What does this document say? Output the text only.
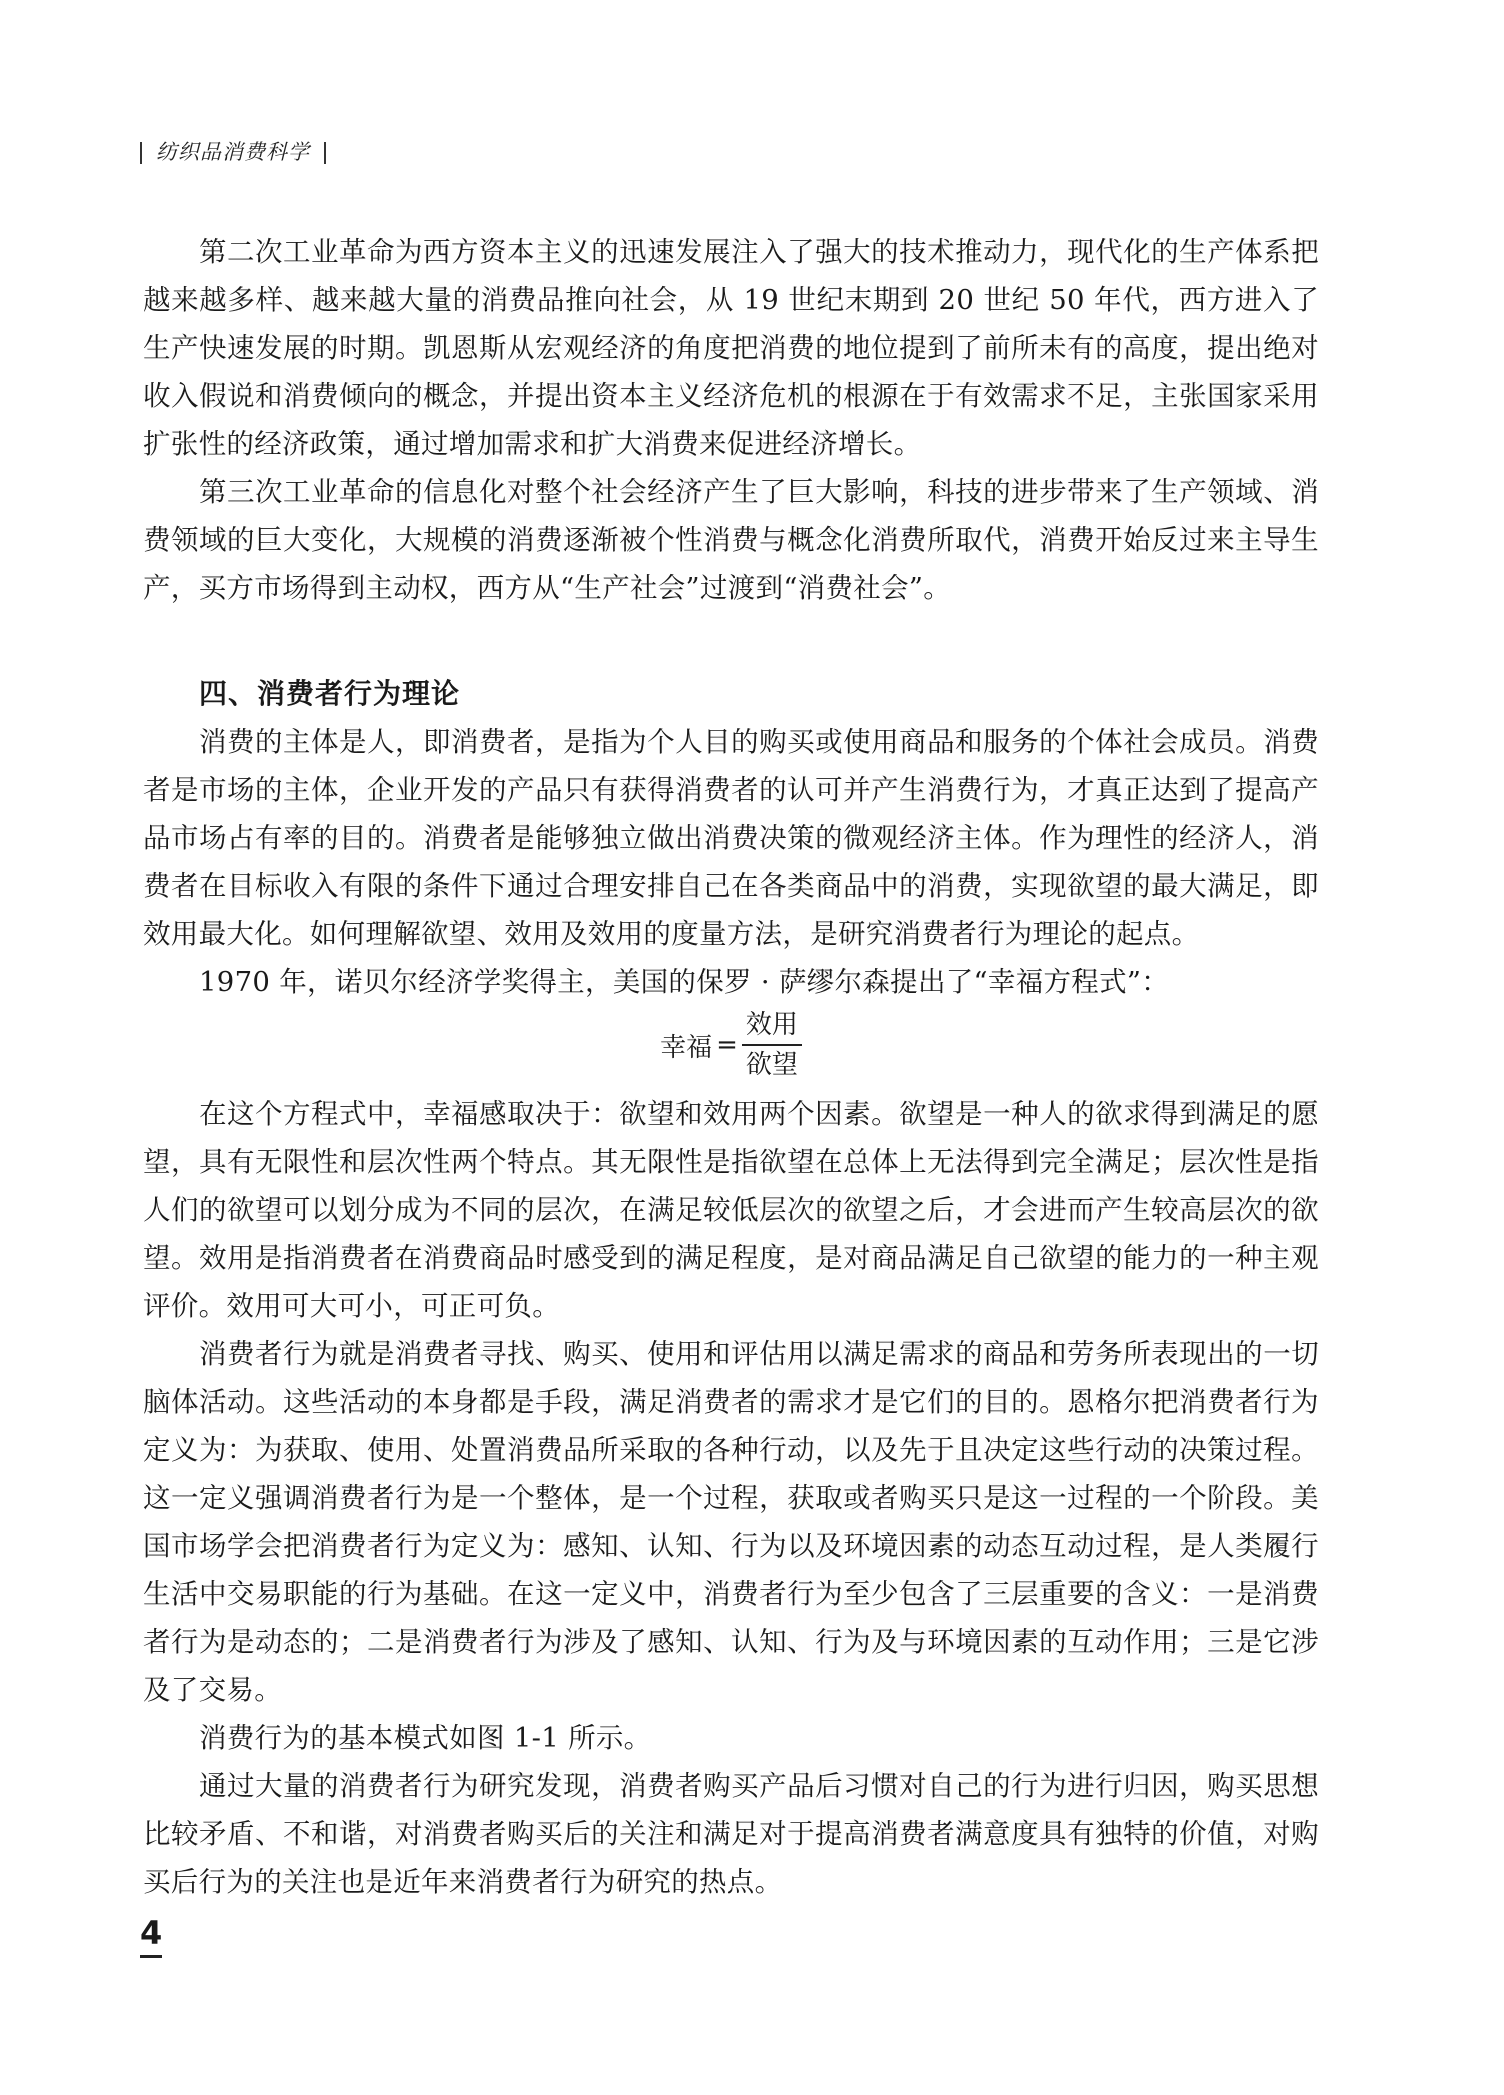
纺织品消费科学

第二次工业革命为西方资本主义的迅速发展注入了强大的技术推动力，现代化的生产体系把越来越多样、越来越大量的消费品推向社会，从 19 世纪末期到 20 世纪 50 年代，西方进入了生产快速发展的时期。凯恩斯从宏观经济的角度把消费的地位提到了前所未有的高度，提出绝对收入假说和消费倾向的概念，并提出资本主义经济危机的根源在于有效需求不足，主张国家采用扩张性的经济政策，通过增加需求和扩大消费来促进经济增长。

第三次工业革命的信息化对整个社会经济产生了巨大影响，科技的进步带来了生产领域、消费领域的巨大变化，大规模的消费逐渐被个性消费与概念化消费所取代，消费开始反过来主导生产，买方市场得到主动权，西方从“生产社会”过渡到“消费社会”。

四、消费者行为理论

消费的主体是人，即消费者，是指为个人目的购买或使用商品和服务的个体社会成员。消费者是市场的主体，企业开发的产品只有获得消费者的认可并产生消费行为，才真正达到了提高产品市场占有率的目的。消费者是能够独立做出消费决策的微观经济主体。作为理性的经济人，消费者在目标收入有限的条件下通过合理安排自己在各类商品中的消费，实现欲望的最大满足，即效用最大化。如何理解欲望、效用及效用的度量方法，是研究消费者行为理论的起点。

1970 年，诺贝尔经济学奖得主，美国的保罗 · 萨缪尔森提出了“幸福方程式”：

幸福 = $\frac{\text{效用}}{\text{欲望}}$

在这个方程式中，幸福感取决于：欲望和效用两个因素。欲望是一种人的欲求得到满足的愿望，具有无限性和层次性两个特点。其无限性是指欲望在总体上无法得到完全满足；层次性是指人们的欲望可以划分成为不同的层次，在满足较低层次的欲望之后，才会进而产生较高层次的欲望。效用是指消费者在消费商品时感受到的满足程度，是对商品满足自己欲望的能力的一种主观评价。效用可大可小，可正可负。

消费者行为就是消费者寻找、购买、使用和评估用以满足需求的商品和劳务所表现出的一切脑体活动。这些活动的本身都是手段，满足消费者的需求才是它们的目的。恩格尔把消费者行为定义为：为获取、使用、处置消费品所采取的各种行动，以及先于且决定这些行动的决策过程。这一定义强调消费者行为是一个整体，是一个过程，获取或者购买只是这一过程的一个阶段。美国市场学会把消费者行为定义为：感知、认知、行为以及环境因素的动态互动过程，是人类履行生活中交易职能的行为基础。在这一定义中，消费者行为至少包含了三层重要的含义：一是消费者行为是动态的；二是消费者行为涉及了感知、认知、行为及与环境因素的互动作用；三是它涉及了交易。

消费行为的基本模式如图 1-1 所示。

通过大量的消费者行为研究发现，消费者购买产品后习惯对自己的行为进行归因，购买思想比较矛盾、不和谐，对消费者购买后的关注和满足对于提高消费者满意度具有独特的价值，对购买后行为的关注也是近年来消费者行为研究的热点。

4
